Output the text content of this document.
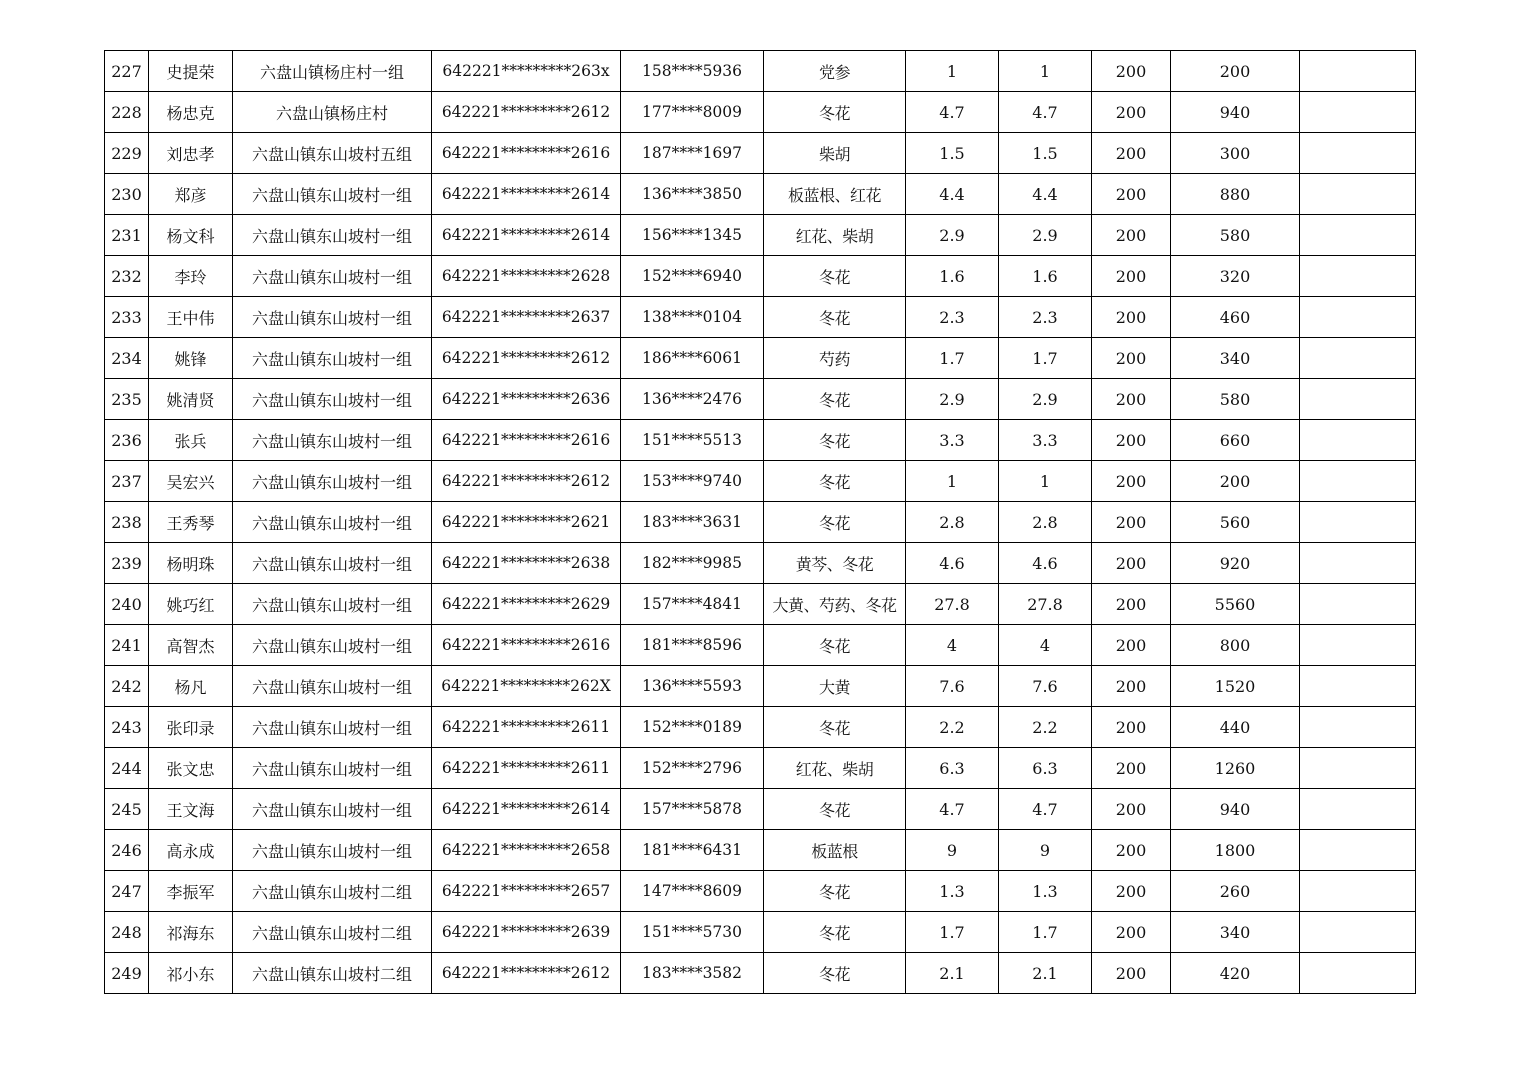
227	史提荣	六盘山镇杨庄村一组	642221*********263x	158****5936	党参	1	1	200	200	
228	杨忠克	六盘山镇杨庄村	642221*********2612	177****8009	冬花	4.7	4.7	200	940	
229	刘忠孝	六盘山镇东山坡村五组	642221*********2616	187****1697	柴胡	1.5	1.5	200	300	
230	郑彦	六盘山镇东山坡村一组	642221*********2614	136****3850	板蓝根、红花	4.4	4.4	200	880	
231	杨文科	六盘山镇东山坡村一组	642221*********2614	156****1345	红花、柴胡	2.9	2.9	200	580	
232	李玲	六盘山镇东山坡村一组	642221*********2628	152****6940	冬花	1.6	1.6	200	320	
233	王中伟	六盘山镇东山坡村一组	642221*********2637	138****0104	冬花	2.3	2.3	200	460	
234	姚锋	六盘山镇东山坡村一组	642221*********2612	186****6061	芍药	1.7	1.7	200	340	
235	姚清贤	六盘山镇东山坡村一组	642221*********2636	136****2476	冬花	2.9	2.9	200	580	
236	张兵	六盘山镇东山坡村一组	642221*********2616	151****5513	冬花	3.3	3.3	200	660	
237	吴宏兴	六盘山镇东山坡村一组	642221*********2612	153****9740	冬花	1	1	200	200	
238	王秀琴	六盘山镇东山坡村一组	642221*********2621	183****3631	冬花	2.8	2.8	200	560	
239	杨明珠	六盘山镇东山坡村一组	642221*********2638	182****9985	黄芩、冬花	4.6	4.6	200	920	
240	姚巧红	六盘山镇东山坡村一组	642221*********2629	157****4841	大黄、芍药、冬花	27.8	27.8	200	5560	
241	高智杰	六盘山镇东山坡村一组	642221*********2616	181****8596	冬花	4	4	200	800	
242	杨凡	六盘山镇东山坡村一组	642221*********262X	136****5593	大黄	7.6	7.6	200	1520	
243	张印录	六盘山镇东山坡村一组	642221*********2611	152****0189	冬花	2.2	2.2	200	440	
244	张文忠	六盘山镇东山坡村一组	642221*********2611	152****2796	红花、柴胡	6.3	6.3	200	1260	
245	王文海	六盘山镇东山坡村一组	642221*********2614	157****5878	冬花	4.7	4.7	200	940	
246	高永成	六盘山镇东山坡村一组	642221*********2658	181****6431	板蓝根	9	9	200	1800	
247	李振军	六盘山镇东山坡村二组	642221*********2657	147****8609	冬花	1.3	1.3	200	260	
248	祁海东	六盘山镇东山坡村二组	642221*********2639	151****5730	冬花	1.7	1.7	200	340	
249	祁小东	六盘山镇东山坡村二组	642221*********2612	183****3582	冬花	2.1	2.1	200	420	
